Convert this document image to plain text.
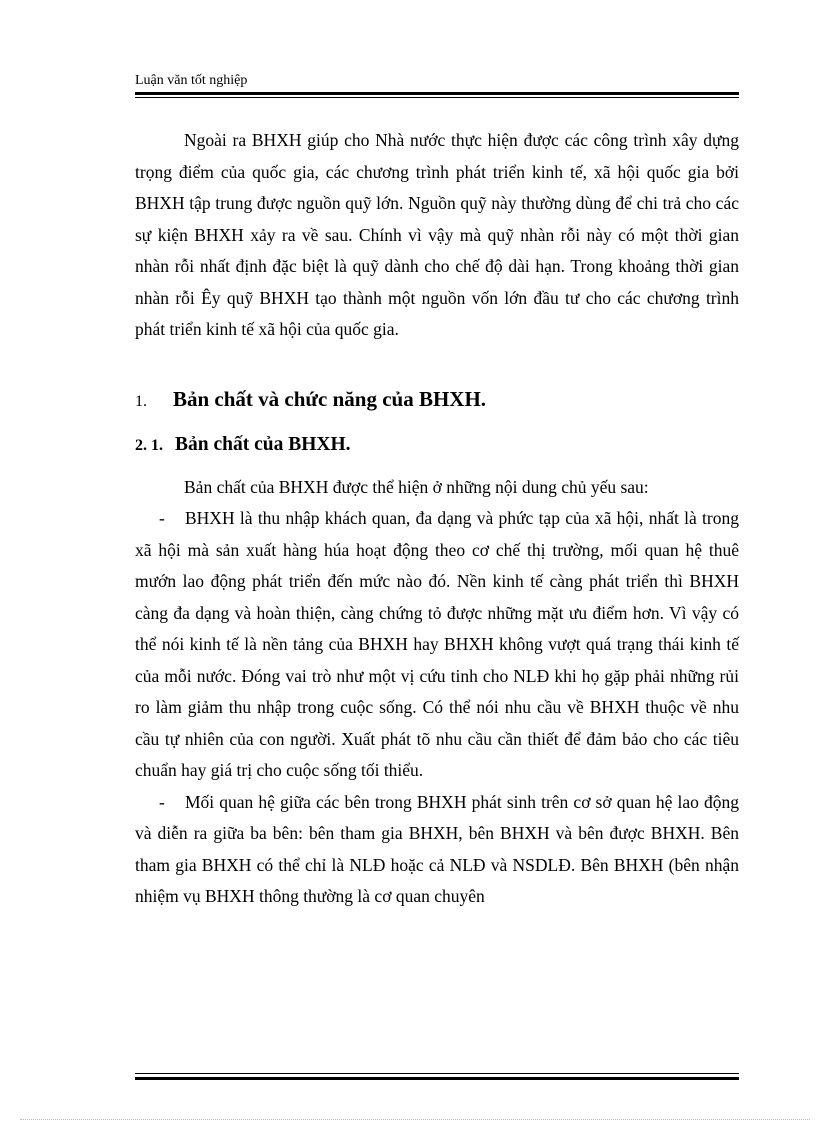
Luận văn tốt nghiệp

Ngoài ra BHXH giúp cho Nhà nước thực hiện được các công trình xây dựng trọng điểm của quốc gia, các chương trình phát triển kinh tế, xã hội quốc gia bởi BHXH tập trung được nguồn quỹ lớn. Nguồn quỹ này thường dùng để chi trả cho các sự kiện BHXH xảy ra về sau. Chính vì vậy mà quỹ nhàn rỗi này có một thời gian nhàn rỗi nhất định đặc biệt là quỹ dành cho chế độ dài hạn. Trong khoảng thời gian nhàn rỗi Êy quỹ BHXH tạo thành một nguồn vốn lớn đầu tư cho các chương trình phát triển kinh tế xã hội của quốc gia.

1.	Bản chất và chức năng của BHXH.
2. 1. Bản chất của BHXH.

Bản chất của BHXH được thể hiện ở những nội dung chủ yếu sau:

- BHXH là thu nhập khách quan, đa dạng và phức tạp của xã hội, nhất là trong xã hội mà sản xuất hàng húa hoạt động theo cơ chế thị trường, mối quan hệ thuê mướn lao động phát triển đến mức nào đó. Nền kinh tế càng phát triển thì BHXH càng đa dạng và hoàn thiện, càng chứng tỏ được những mặt ưu điểm hơn. Vì vậy có thể nói kinh tế là nền tảng của BHXH hay BHXH không vượt quá trạng thái kinh tế của mỗi nước. Đóng vai trò như một vị cứu tinh cho NLĐ khi họ gặp phải những rủi ro làm giảm thu nhập trong cuộc sống. Có thể nói nhu cầu về BHXH thuộc về nhu cầu tự nhiên của con người. Xuất phát tõ nhu cầu cần thiết để đảm bảo cho các tiêu chuẩn hay giá trị cho cuộc sống tối thiểu.

- Mối quan hệ giữa các bên trong BHXH phát sinh trên cơ sở quan hệ lao động và diễn ra giữa ba bên: bên tham gia BHXH, bên BHXH và bên được BHXH. Bên tham gia BHXH có thể chỉ là NLĐ hoặc cả NLĐ và NSDLĐ. Bên BHXH (bên nhận nhiệm vụ BHXH thông thường là cơ quan chuyên
